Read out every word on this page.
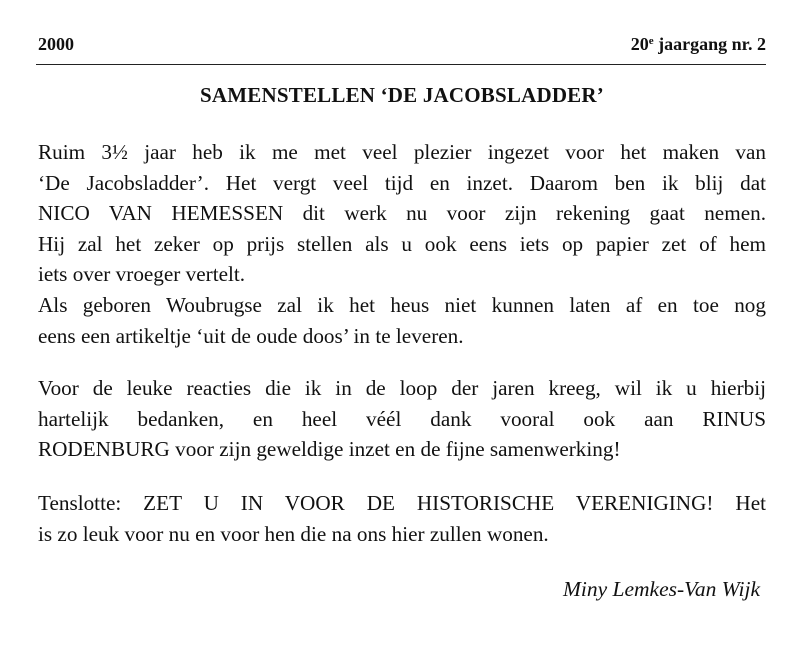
2000	20e jaargang nr. 2
SAMENSTELLEN ‘DE JACOBSLADDER’
Ruim 3½ jaar heb ik me met veel plezier ingezet voor het maken van
‘De Jacobsladder’. Het vergt veel tijd en inzet. Daarom ben ik blij dat
NICO VAN HEMESSEN dit werk nu voor zijn rekening gaat nemen.
Hij zal het zeker op prijs stellen als u ook eens iets op papier zet of hem
iets over vroeger vertelt.
Als geboren Woubrugse zal ik het heus niet kunnen laten af en toe nog
eens een artikeltje ‘uit de oude doos’ in te leveren.
Voor de leuke reacties die ik in de loop der jaren kreeg, wil ik u hierbij
hartelijk bedanken, en heel véél dank vooral ook aan RINUS
RODENBURG voor zijn geweldige inzet en de fijne samenwerking!
Tenslotte: ZET U IN VOOR DE HISTORISCHE VERENIGING! Het
is zo leuk voor nu en voor hen die na ons hier zullen wonen.
Miny Lemkes-Van Wijk
